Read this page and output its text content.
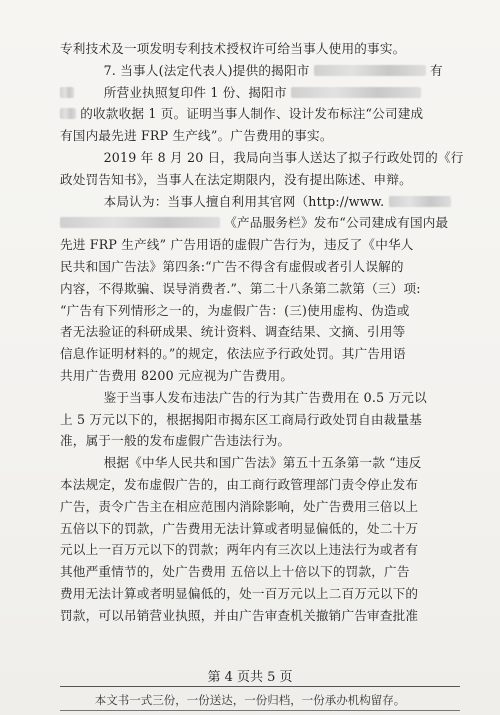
专利技术及一项发明专利技术授权许可给当事人使用的事实。
　　7. 当事人(法定代表人)提供的揭阳市	有
　　所营业执照复印件 1 份、揭阳市
的收款收据 1 页。证明当事人制作、设计发布标注“公司建成
有国内最先进 FRP 生产线”。广告费用的事实。
　　2019 年 8 月 20 日，我局向当事人送达了拟子行政处罚的《行
政处罚告知书》，当事人在法定期限内，没有提出陈述、申辩。
　　本局认为：当事人擅自利用其官网（http://www.
《产品服务栏》发布“公司建成有国内最
先进 FRP 生产线” 广告用语的虚假广告行为，违反了《中华人
民共和国广告法》第四条:“广告不得含有虚假或者引人误解的
内容，不得欺骗、误导消费者.”、第二十八条第二款第（三）项:
“广告有下列情形之一的，为虚假广告：(三)使用虚构、伪造或
者无法验证的科研成果、统计资料、调查结果、文摘、引用等
信息作证明材料的。”的规定，依法应予行政处罚。其广告用语
共用广告费用 8200 元应视为广告费用。
　　鉴于当事人发布违法广告的行为其广告费用在 0.5 万元以
上 5 万元以下的，根据揭阳市揭东区工商局行政处罚自由裁量基
准，属于一般的发布虚假广告违法行为。
　　根据《中华人民共和国广告法》第五十五条第一款 “违反
本法规定，发布虚假广告的，由工商行政管理部门责令停止发布
广告，责令广告主在相应范围内消除影响，处广告费用三倍以上
五倍以下的罚款，广告费用无法计算或者明显偏低的，处二十万
元以上一百万元以下的罚款；两年内有三次以上违法行为或者有
其他严重情节的，处广告费用 五倍以上十倍以下的罚款，广告
费用无法计算或者明显偏低的，处一百万元以上二百万元以下的
罚款，可以吊销营业执照，并由广告审查机关撤销广告审查批准
第 4 页共 5 页
本文书一式三份，一份送达，一份归档，一份承办机构留存。
